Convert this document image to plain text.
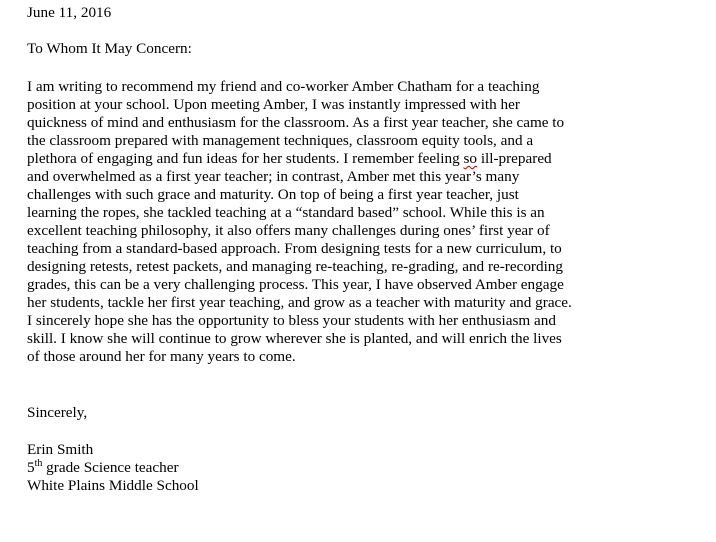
June 11, 2016
To Whom It May Concern:
I am writing to recommend my friend and co-worker Amber Chatham for a teaching
position at your school. Upon meeting Amber, I was instantly impressed with her
quickness of mind and enthusiasm for the classroom. As a first year teacher, she came to
the classroom prepared with management techniques, classroom equity tools, and a
plethora of engaging and fun ideas for her students. I remember feeling so ill-prepared
and overwhelmed as a first year teacher; in contrast, Amber met this year’s many
challenges with such grace and maturity. On top of being a first year teacher, just
learning the ropes, she tackled teaching at a “standard based” school. While this is an
excellent teaching philosophy, it also offers many challenges during ones’ first year of
teaching from a standard-based approach. From designing tests for a new curriculum, to
designing retests, retest packets, and managing re-teaching, re-grading, and re-recording
grades, this can be a very challenging process. This year, I have observed Amber engage
her students, tackle her first year teaching, and grow as a teacher with maturity and grace.
I sincerely hope she has the opportunity to bless your students with her enthusiasm and
skill. I know she will continue to grow wherever she is planted, and will enrich the lives
of those around her for many years to come.
Sincerely,
Erin Smith
5th grade Science teacher
White Plains Middle School
